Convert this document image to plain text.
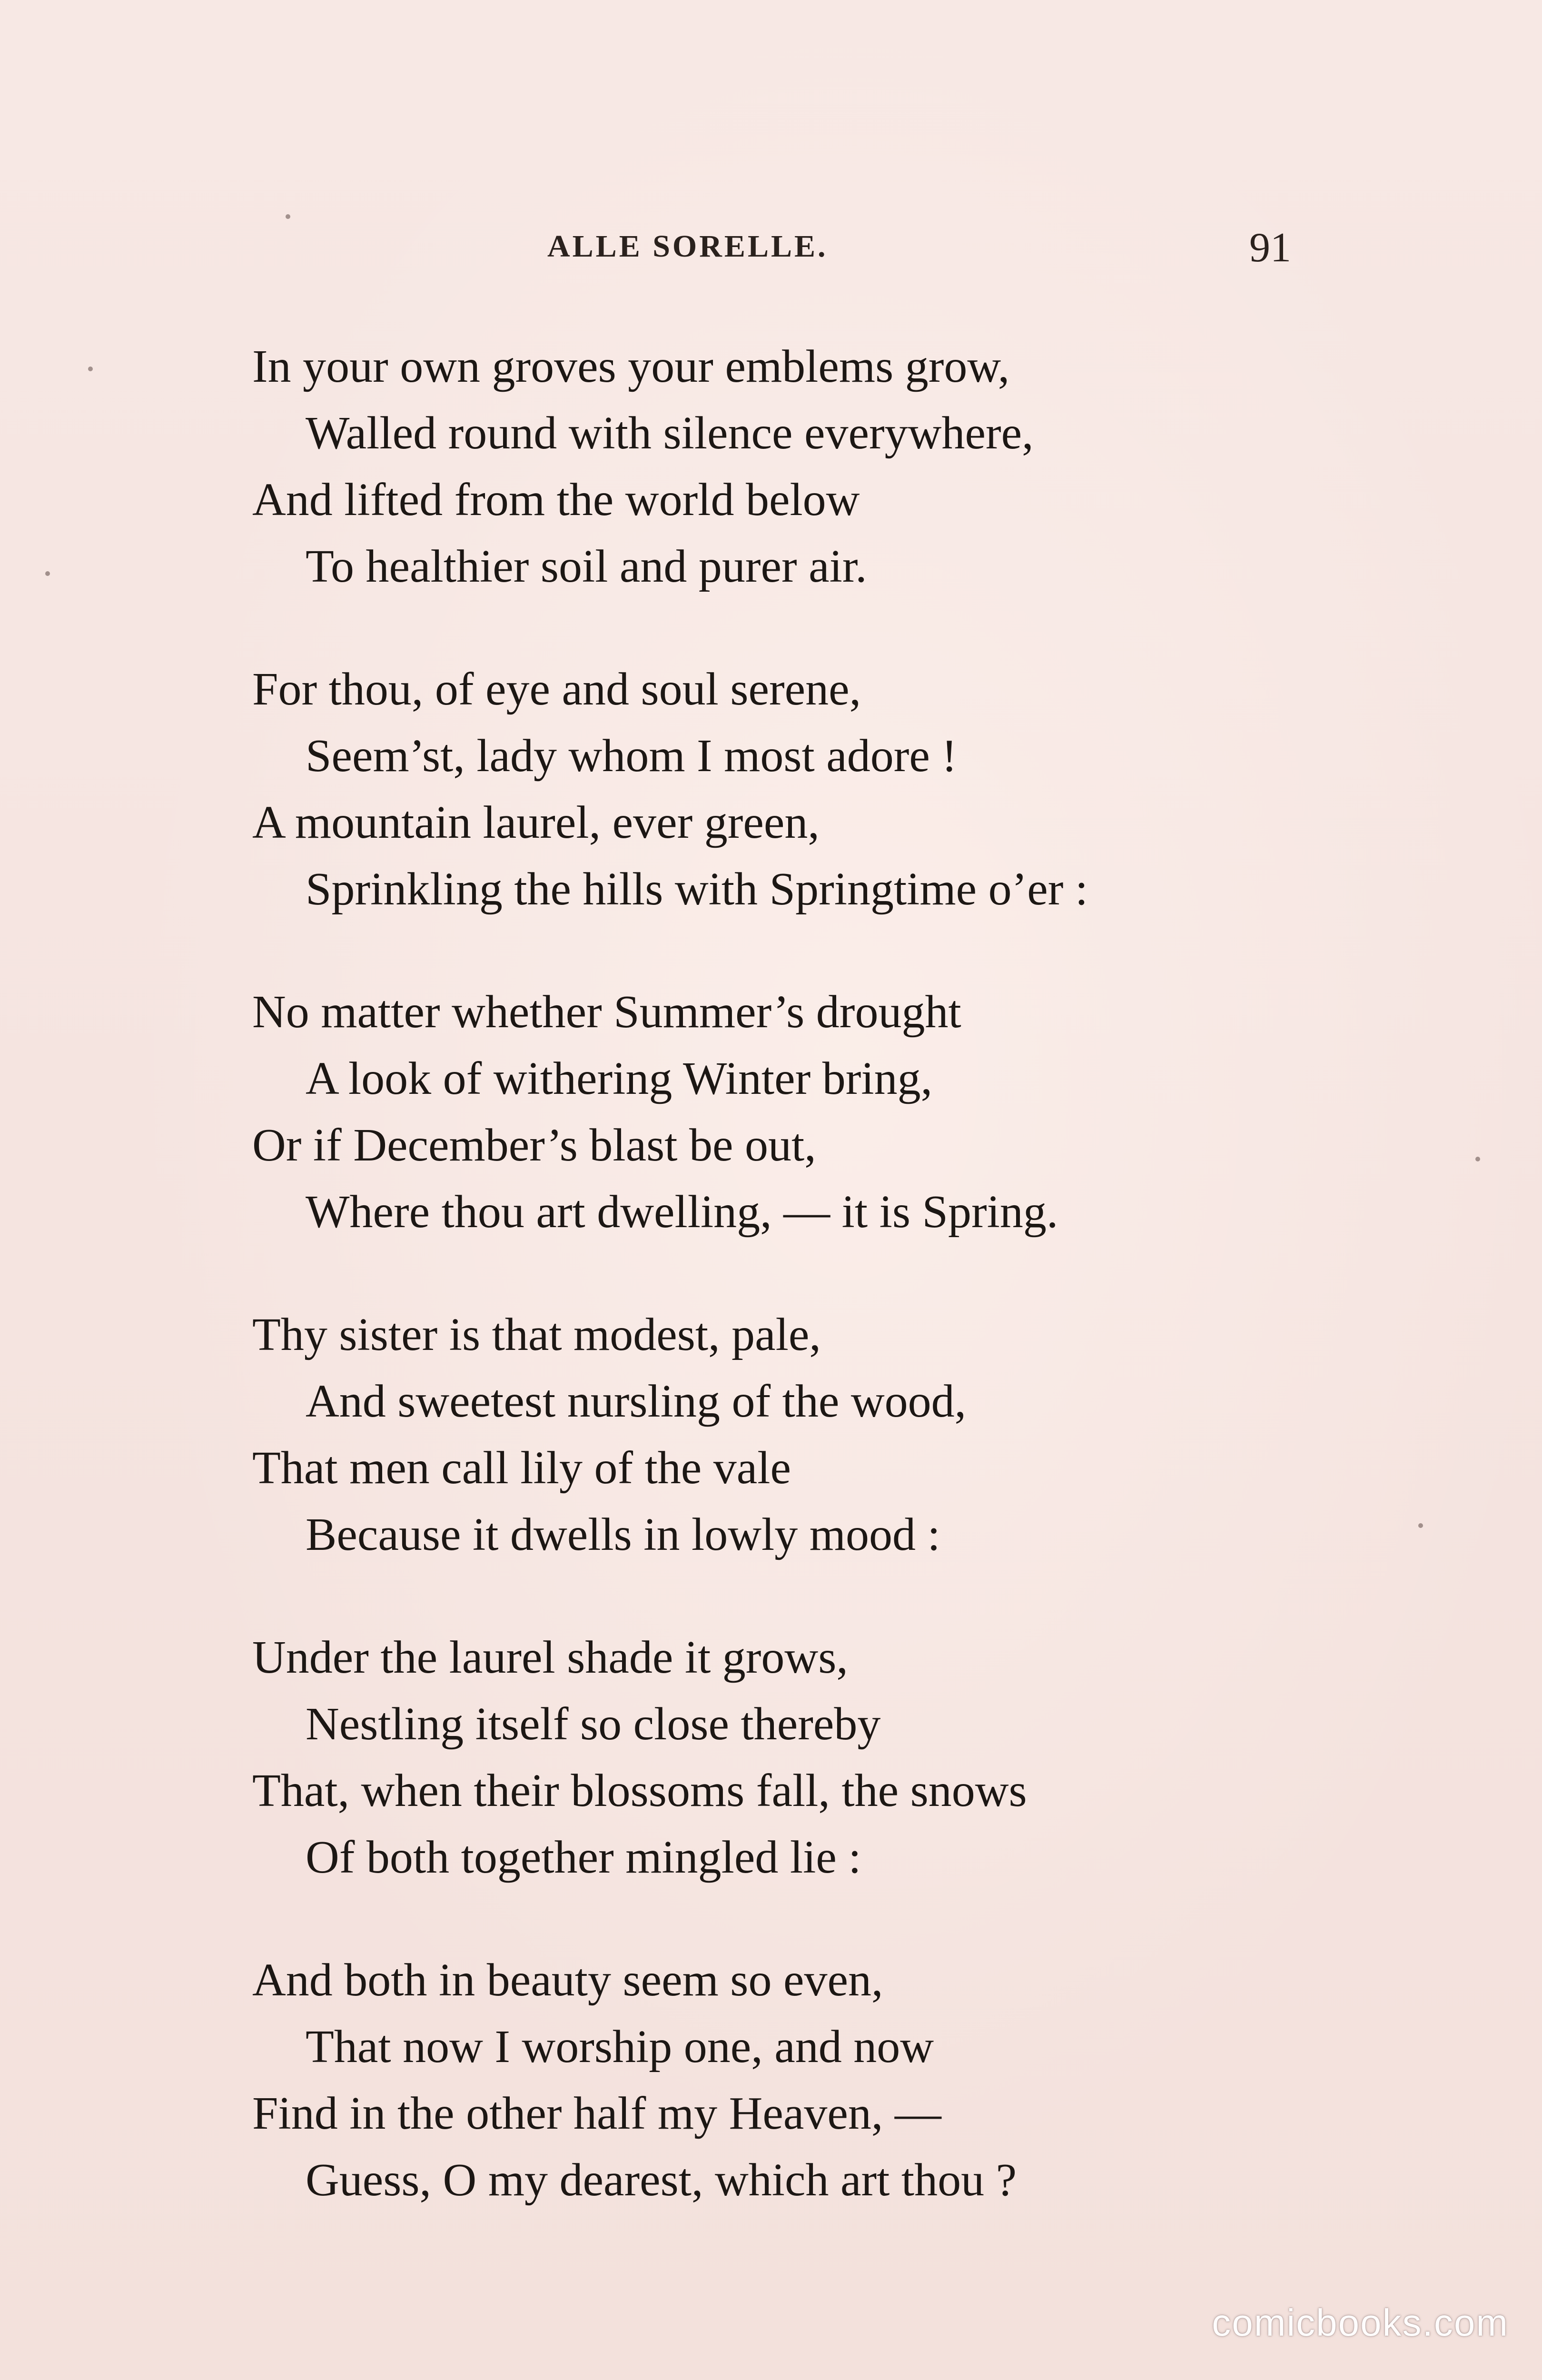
ALLE SORELLE.	91
In your own groves your emblems grow,
Walled round with silence everywhere,
And lifted from the world below
To healthier soil and purer air.
For thou, of eye and soul serene,
Seem’st, lady whom I most adore !
A mountain laurel, ever green,
Sprinkling the hills with Springtime o’er :
No matter whether Summer’s drought
A look of withering Winter bring,
Or if December’s blast be out,
Where thou art dwelling, — it is Spring.
Thy sister is that modest, pale,
And sweetest nursling of the wood,
That men call lily of the vale
Because it dwells in lowly mood :
Under the laurel shade it grows,
Nestling itself so close thereby
That, when their blossoms fall, the snows
Of both together mingled lie :
And both in beauty seem so even,
That now I worship one, and now
Find in the other half my Heaven, —
Guess, O my dearest, which art thou ?
comicbooks.com
